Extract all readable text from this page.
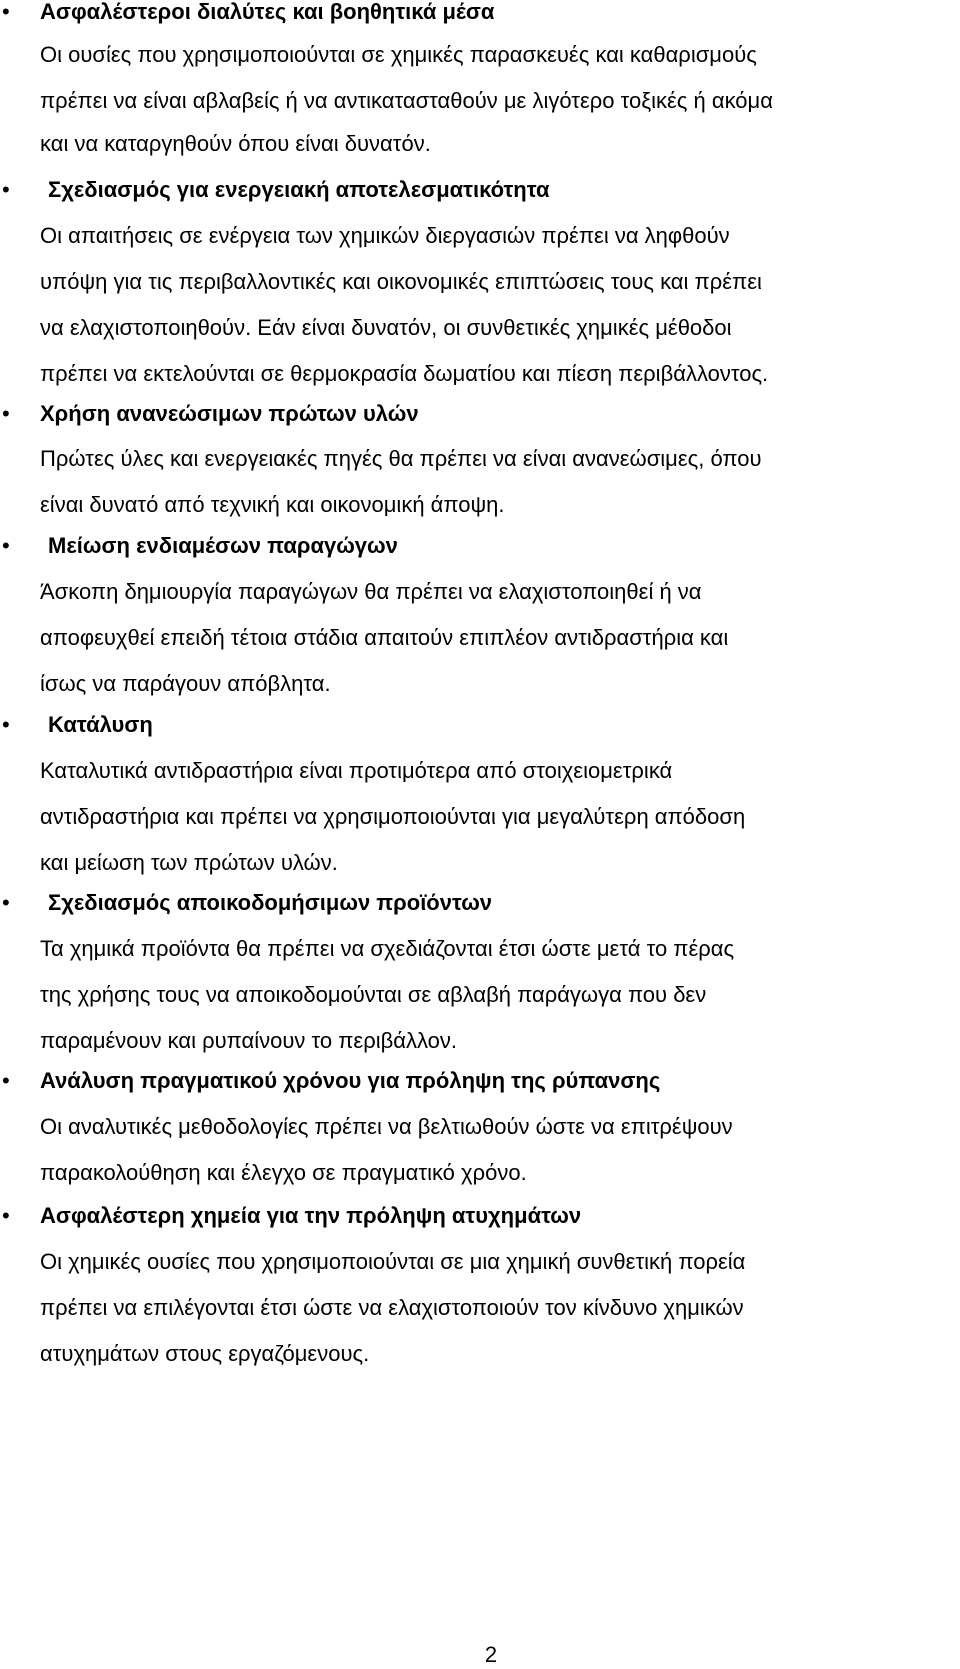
• Ασφαλέστεροι διαλύτες και βοηθητικά μέσα
Οι ουσίες που χρησιμοποιούνται σε χημικές παρασκευές και καθαρισμούς
πρέπει να είναι αβλαβείς ή να αντικατασταθούν με λιγότερο τοξικές ή ακόμα
και να καταργηθούν όπου είναι δυνατόν.
• Σχεδιασμός για ενεργειακή αποτελεσματικότητα
Οι απαιτήσεις σε ενέργεια των χημικών διεργασιών πρέπει να ληφθούν
υπόψη για τις περιβαλλοντικές και οικονομικές επιπτώσεις τους και πρέπει
να ελαχιστοποιηθούν. Εάν είναι δυνατόν, οι συνθετικές χημικές μέθοδοι
πρέπει να εκτελούνται σε θερμοκρασία δωματίου και πίεση περιβάλλοντος.
• Χρήση ανανεώσιμων πρώτων υλών
Πρώτες ύλες και ενεργειακές πηγές θα πρέπει να είναι ανανεώσιμες, όπου
είναι δυνατό από τεχνική και οικονομική άποψη.
• Μείωση ενδιαμέσων παραγώγων
Άσκοπη δημιουργία παραγώγων θα πρέπει να ελαχιστοποιηθεί ή να
αποφευχθεί επειδή τέτοια στάδια απαιτούν επιπλέον αντιδραστήρια και
ίσως να παράγουν απόβλητα.
• Κατάλυση
Καταλυτικά αντιδραστήρια είναι προτιμότερα από στοιχειομετρικά
αντιδραστήρια και πρέπει να χρησιμοποιούνται για μεγαλύτερη απόδοση
και μείωση των πρώτων υλών.
• Σχεδιασμός αποικοδομήσιμων προϊόντων
Τα χημικά προϊόντα θα πρέπει να σχεδιάζονται έτσι ώστε μετά το πέρας
της χρήσης τους να αποικοδομούνται σε αβλαβή παράγωγα που δεν
παραμένουν και ρυπαίνουν το περιβάλλον.
• Ανάλυση πραγματικού χρόνου για πρόληψη της ρύπανσης
Οι αναλυτικές μεθοδολογίες πρέπει να βελτιωθούν ώστε να επιτρέψουν
παρακολούθηση και έλεγχο σε πραγματικό χρόνο.
• Ασφαλέστερη χημεία για την πρόληψη ατυχημάτων
Οι χημικές ουσίες που χρησιμοποιούνται σε μια χημική συνθετική πορεία
πρέπει να επιλέγονται έτσι ώστε να ελαχιστοποιούν τον κίνδυνο χημικών
ατυχημάτων στους εργαζόμενους.
2
